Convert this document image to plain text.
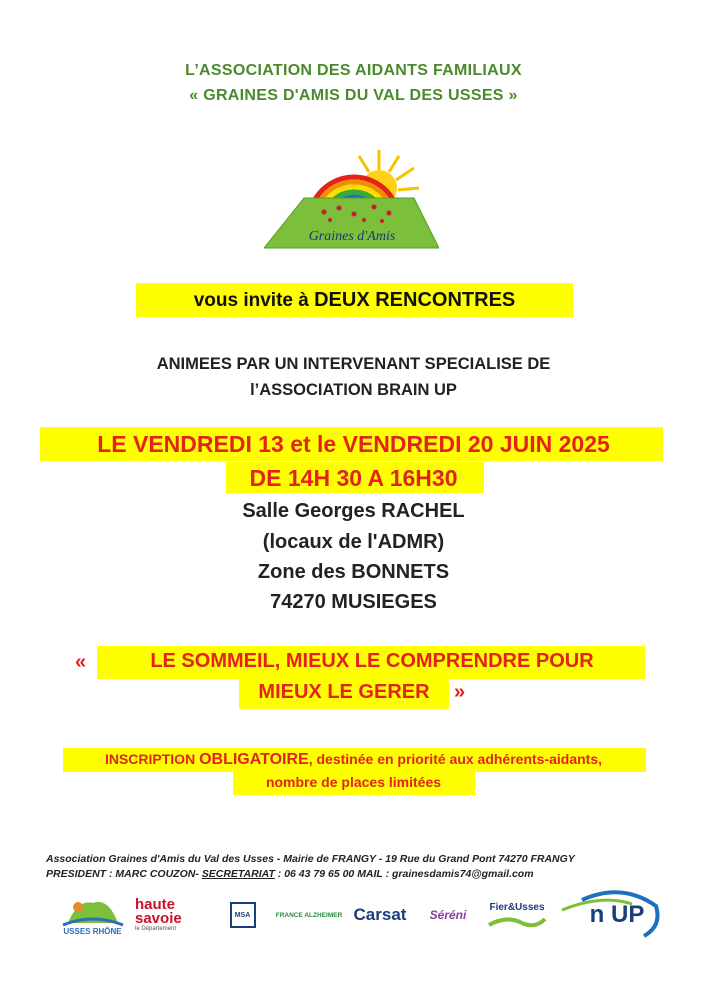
L’ASSOCIATION DES AIDANTS FAMILIAUX
« GRAINES D'AMIS DU VAL DES USSES »
Graines d'Amis
vous invite à DEUX RENCONTRES
ANIMEES PAR UN INTERVENANT SPECIALISE DE
l’ASSOCIATION BRAIN UP
LE VENDREDI 13 et le VENDREDI 20 JUIN 2025
DE 14H 30 A 16H30
Salle Georges RACHEL
(locaux de l'ADMR)
Zone des BONNETS
74270 MUSIEGES
«	LE SOMMEIL, MIEUX LE COMPRENDRE POUR
MIEUX LE GERER	»
INSCRIPTION OBLIGATOIRE, destinée en priorité aux adhérents-aidants,
nombre de places limitées
Association Graines d'Amis du Val des Usses - Mairie de FRANGY - 19 Rue du Grand Pont 74270 FRANGY
PRESIDENT : MARC COUZON- SECRETARIAT : 06 43 79 65 00 MAIL : grainesdamis74@gmail.com
USSES RHÔNE
haute
savoie
le Département
MSA	FRANCE ALZHEIMER Carsat Séréni
Fier&Usses n UP
